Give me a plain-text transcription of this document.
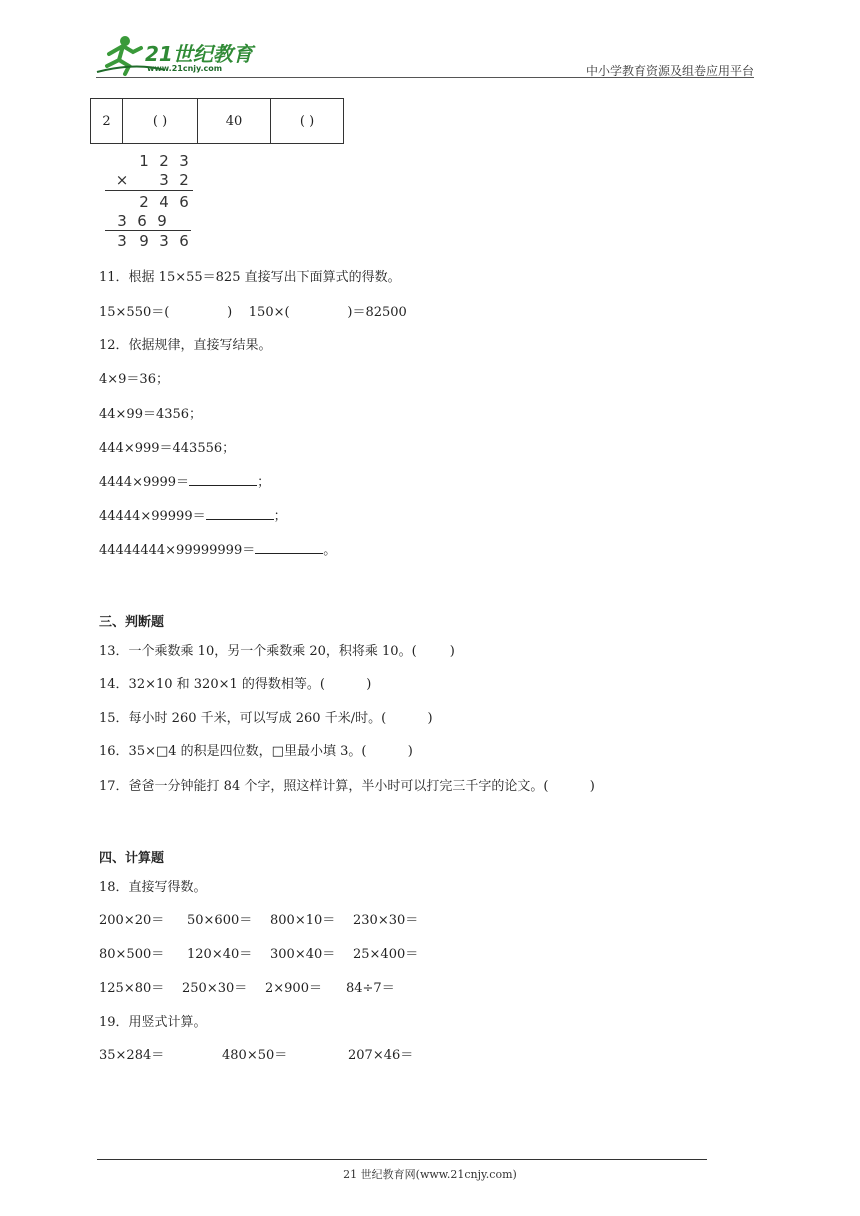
21世纪教育
www.21cnjy.com	中小学教育资源及组卷应用平台
2	( )	40	( )
1 2 3
× 3 2
2 4 6
3 6 9
3 9 3 6
11．根据 15×55＝825 直接写出下面算式的得数。
15×550＝(              )    150×(              )＝82500
12．依据规律，直接写结果。
4×9＝36；
44×99＝4356；
444×999＝443556；
4444×9999＝	；
44444×99999＝	；
44444444×99999999＝	。
三、判断题
13．一个乘数乘 10，另一个乘数乘 20，积将乘 10。(        )
14．32×10 和 320×1 的得数相等。(          )
15．每小时 260 千米，可以写成 260 千米/时。(          )
16．35×□4 的积是四位数，□里最小填 3。(          )
17．爸爸一分钟能打 84 个字，照这样计算，半小时可以打完三千字的论文。(          )
四、计算题
18．直接写得数。
200×20＝ 50×600＝ 800×10＝ 230×30＝
80×500＝ 120×40＝ 300×40＝ 25×400＝
125×80＝ 250×30＝ 2×900＝ 84÷7＝
19．用竖式计算。
35×284＝	480×50＝	207×46＝
21 世纪教育网(www.21cnjy.com)
